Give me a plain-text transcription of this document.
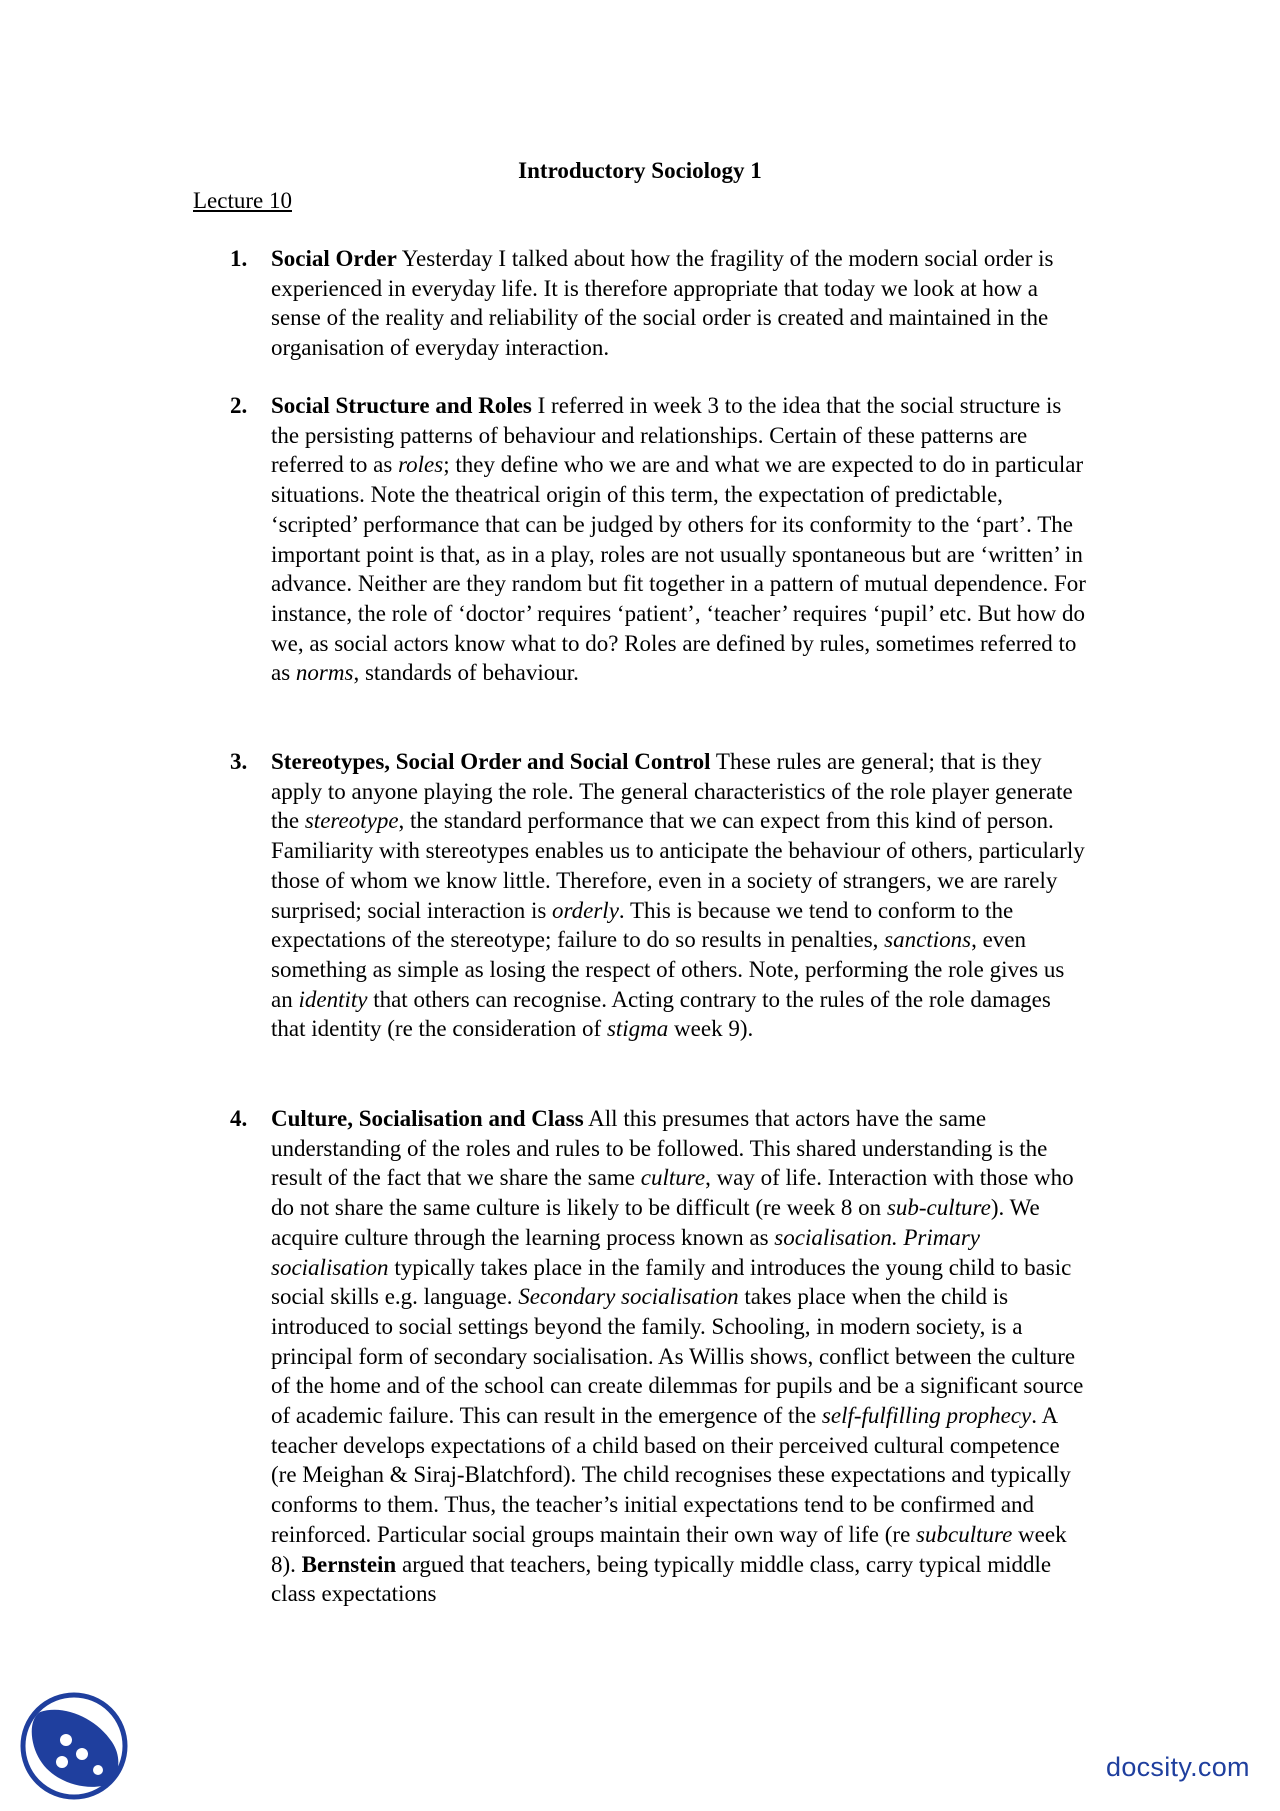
Introductory Sociology 1

Lecture 10

1. Social Order Yesterday I talked about how the fragility of the modern social order is experienced in everyday life. It is therefore appropriate that today we look at how a sense of the reality and reliability of the social order is created and maintained in the organisation of everyday interaction.
2. Social Structure and Roles I referred in week 3 to the idea that the social structure is the persisting patterns of behaviour and relationships. Certain of these patterns are referred to as roles; they define who we are and what we are expected to do in particular situations. Note the theatrical origin of this term, the expectation of predictable, ‘scripted’ performance that can be judged by others for its conformity to the ‘part’. The important point is that, as in a play, roles are not usually spontaneous but are ‘written’ in advance. Neither are they random but fit together in a pattern of mutual dependence. For instance, the role of ‘doctor’ requires ‘patient’, ‘teacher’ requires ‘pupil’ etc. But how do we, as social actors know what to do? Roles are defined by rules, sometimes referred to as norms, standards of behaviour.
3. Stereotypes, Social Order and Social Control These rules are general; that is they apply to anyone playing the role. The general characteristics of the role player generate the stereotype, the standard performance that we can expect from this kind of person. Familiarity with stereotypes enables us to anticipate the behaviour of others, particularly those of whom we know little. Therefore, even in a society of strangers, we are rarely surprised; social interaction is orderly. This is because we tend to conform to the expectations of the stereotype; failure to do so results in penalties, sanctions, even something as simple as losing the respect of others. Note, performing the role gives us an identity that others can recognise. Acting contrary to the rules of the role damages that identity (re the consideration of stigma week 9).
4. Culture, Socialisation and Class All this presumes that actors have the same understanding of the roles and rules to be followed. This shared understanding is the result of the fact that we share the same culture, way of life. Interaction with those who do not share the same culture is likely to be difficult (re week 8 on sub-culture). We acquire culture through the learning process known as socialisation. Primary socialisation typically takes place in the family and introduces the young child to basic social skills e.g. language. Secondary socialisation takes place when the child is introduced to social settings beyond the family. Schooling, in modern society, is a principal form of secondary socialisation. As Willis shows, conflict between the culture of the home and of the school can create dilemmas for pupils and be a significant source of academic failure. This can result in the emergence of the self-fulfilling prophecy. A teacher develops expectations of a child based on their perceived cultural competence (re Meighan & Siraj-Blatchford). The child recognises these expectations and typically conforms to them. Thus, the teacher’s initial expectations tend to be confirmed and reinforced. Particular social groups maintain their own way of life (re subculture week 8). Bernstein argued that teachers, being typically middle class, carry typical middle class expectations
docsity.com
